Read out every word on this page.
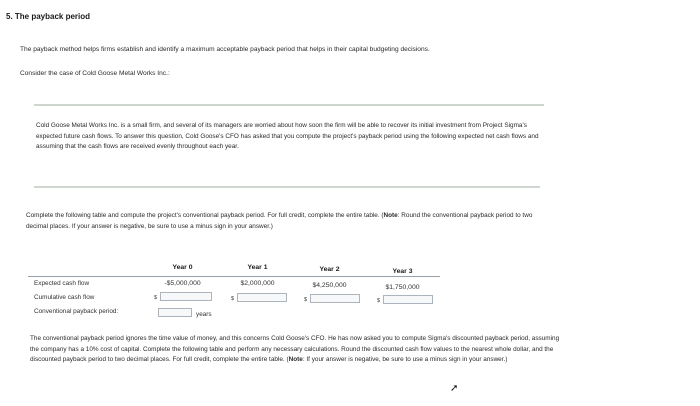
5. The payback period
The payback method helps firms establish and identify a maximum acceptable payback period that helps in their capital budgeting decisions.
Consider the case of Cold Goose Metal Works Inc.:
Cold Goose Metal Works Inc. is a small firm, and several of its managers are worried about how soon the firm will be able to recover its initial investment from Project Sigma's expected future cash flows. To answer this question, Cold Goose's CFO has asked that you compute the project's payback period using the following expected net cash flows and assuming that the cash flows are received evenly throughout each year.
Complete the following table and compute the project's conventional payback period. For full credit, complete the entire table. (Note: Round the conventional payback period to two decimal places. If your answer is negative, be sure to use a minus sign in your answer.)
Year 0	Year 1	Year 2	Year 3
Expected cash flow	-$5,000,000	$2,000,000	$4,250,000	$1,750,000
Cumulative cash flow	$	$	$	$
Conventional payback period:	years
The conventional payback period ignores the time value of money, and this concerns Cold Goose's CFO. He has now asked you to compute Sigma's discounted payback period, assuming the company has a 10% cost of capital. Complete the following table and perform any necessary calculations. Round the discounted cash flow values to the nearest whole dollar, and the discounted payback period to two decimal places. For full credit, complete the entire table. (Note: If your answer is negative, be sure to use a minus sign in your answer.)
➚
